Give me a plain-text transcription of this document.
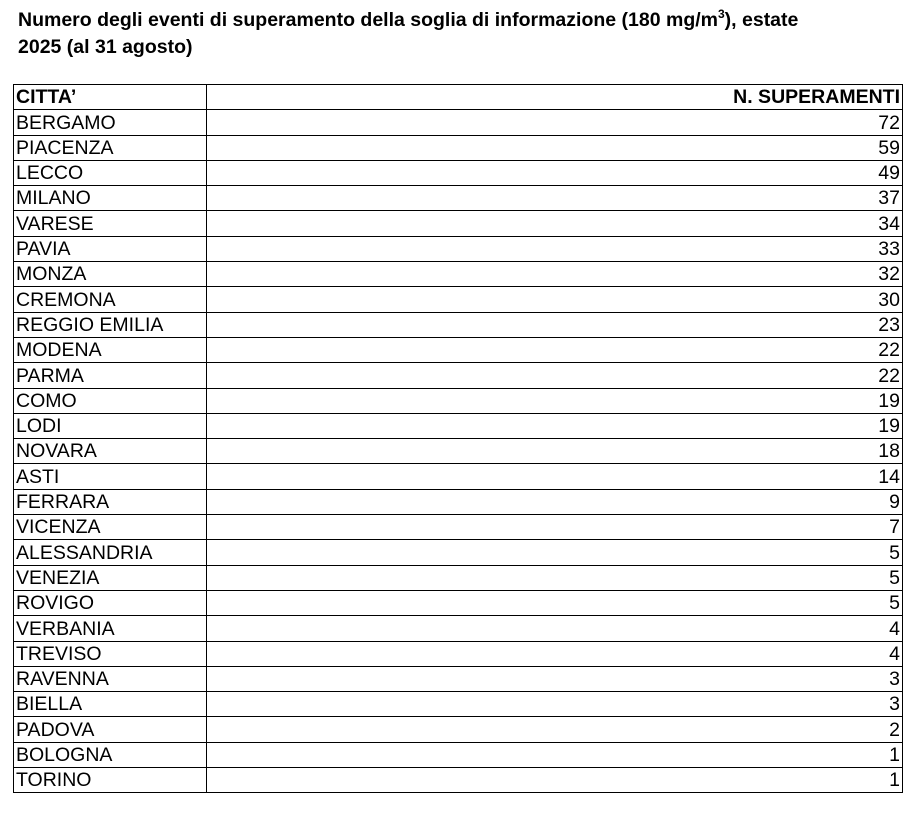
Numero degli eventi di superamento della soglia di informazione (180 $mg/m^3$), estate
2025 (al 31 agosto)
CITTA’	N. SUPERAMENTI
BERGAMO	72
PIACENZA	59
LECCO	49
MILANO	37
VARESE	34
PAVIA	33
MONZA	32
CREMONA	30
REGGIO EMILIA	23
MODENA	22
PARMA	22
COMO	19
LODI	19
NOVARA	18
ASTI	14
FERRARA	9
VICENZA	7
ALESSANDRIA	5
VENEZIA	5
ROVIGO	5
VERBANIA	4
TREVISO	4
RAVENNA	3
BIELLA	3
PADOVA	2
BOLOGNA	1
TORINO	1
